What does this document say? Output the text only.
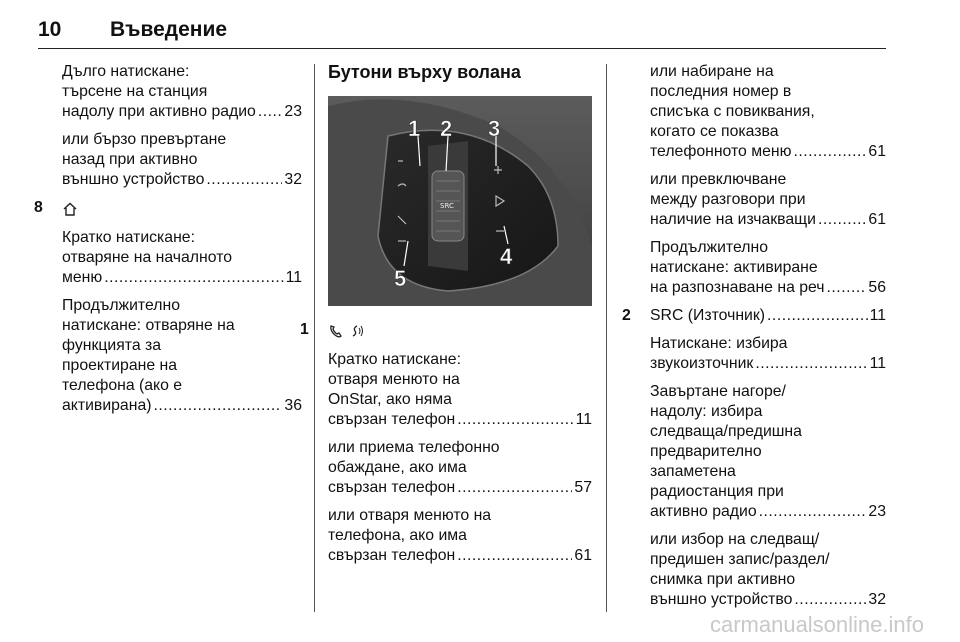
10 Въведение
Дълго натискане:
търсене на станция
надолу при активно радио ..... 23
или бързо превъртане
назад при активно
външно устройство .....	32
8
Кратко натискане:
отваряне на началното
меню .....	11
Продължително
натискане: отваряне на
функцията за
проектиране на
телефона (ако е
активирана) .....	36
Бутони върху волана
SRC
1 2 3
4
5
1
Кратко натискане:
отваря менюто на
OnStar, ако няма
свързан телефон .....	11
или приема телефонно
обаждане, ако има
свързан телефон .....	57
или отваря менюто на
телефона, ако има
свързан телефон .....	61
или набиране на
последния номер в
списъка с повиквания,
когато се показва
телефонното меню .....	61
или превключване
между разговори при
наличие на изчакващи .....	61
Продължително
натискане: активиране
на разпознаване на реч .....	56
2 SRC (Източник) .....	11
Натискане: избира
звукоизточник .....	11
Завъртане нагоре/
надолу: избира
следваща/предишна
предварително
запаметена
радиостанция при
активно радио .....	23
или избор на следващ/
предишен запис/раздел/
снимка при активно
външно устройство .....	32
carmanualsonline.info
